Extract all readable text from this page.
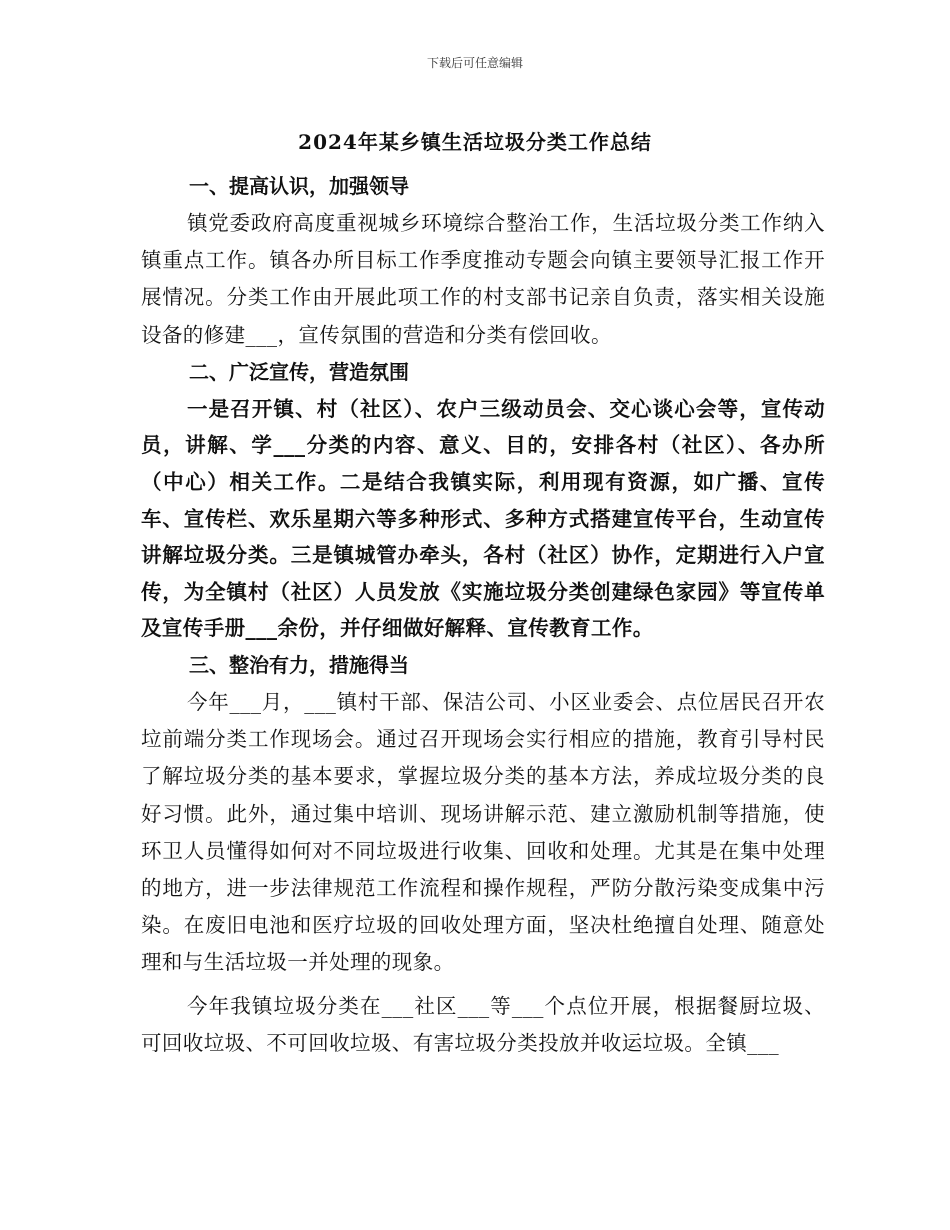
下载后可任意编辑
2024年某乡镇生活垃圾分类工作总结
一、提高认识，加强领导

镇党委政府高度重视城乡环境综合整治工作，生活垃圾分类工作纳入镇重点工作。镇各办所目标工作季度推动专题会向镇主要领导汇报工作开展情况。分类工作由开展此项工作的村支部书记亲自负责，落实相关设施设备的修建___，宣传氛围的营造和分类有偿回收。

二、广泛宣传，营造氛围

一是召开镇、村（社区）、农户三级动员会、交心谈心会等，宣传动员，讲解、学___分类的内容、意义、目的，安排各村（社区）、各办所（中心）相关工作。二是结合我镇实际，利用现有资源，如广播、宣传车、宣传栏、欢乐星期六等多种形式、多种方式搭建宣传平台，生动宣传讲解垃圾分类。三是镇城管办牵头，各村（社区）协作，定期进行入户宣传，为全镇村（社区）人员发放《实施垃圾分类创建绿色家园》等宣传单及宣传手册___余份，并仔细做好解释、宣传教育工作。

三、整治有力，措施得当

今年___月，___镇村干部、保洁公司、小区业委会、点位居民召开农垃前端分类工作现场会。通过召开现场会实行相应的措施，教育引导村民了解垃圾分类的基本要求，掌握垃圾分类的基本方法，养成垃圾分类的良好习惯。此外，通过集中培训、现场讲解示范、建立激励机制等措施，使环卫人员懂得如何对不同垃圾进行收集、回收和处理。尤其是在集中处理的地方，进一步法律规范工作流程和操作规程，严防分散污染变成集中污染。在废旧电池和医疗垃圾的回收处理方面，坚决杜绝擅自处理、随意处理和与生活垃圾一并处理的现象。

今年我镇垃圾分类在___社区___等___个点位开展，根据餐厨垃圾、可回收垃圾、不可回收垃圾、有害垃圾分类投放并收运垃圾。全镇___
